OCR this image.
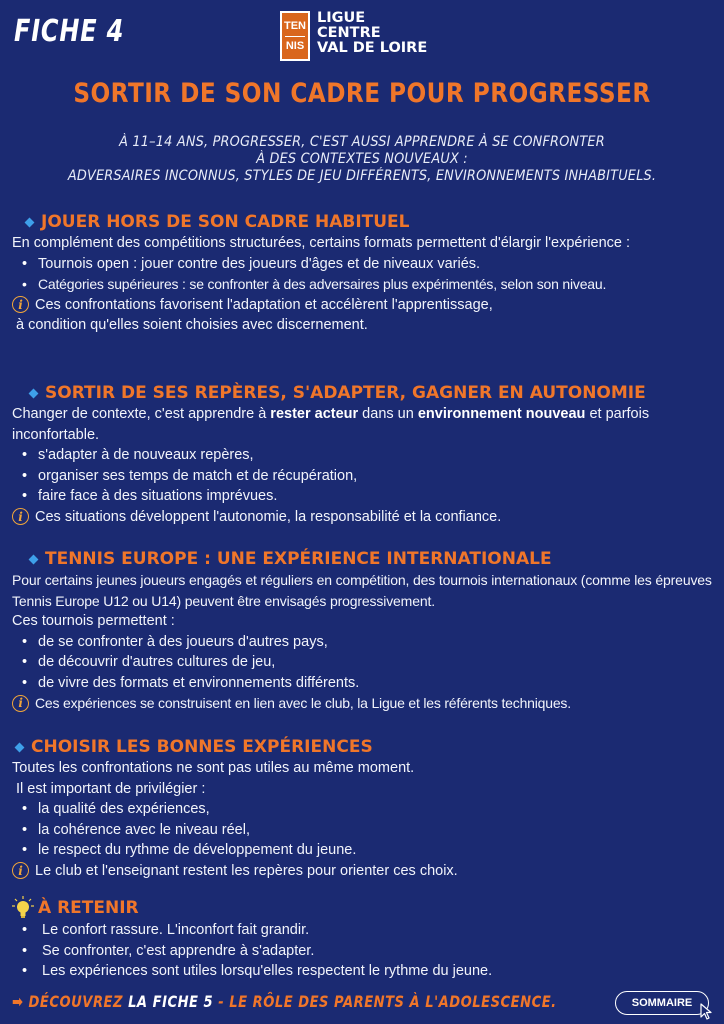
FICHE 4	TEN
NIS
LIGUE
CENTRE
VAL DE LOIRE
SORTIR DE SON CADRE POUR PROGRESSER
À 11–14 ANS, PROGRESSER, C'EST AUSSI APPRENDRE À SE CONFRONTER
À DES CONTEXTES NOUVEAUX :
ADVERSAIRES INCONNUS, STYLES DE JEU DIFFÉRENTS, ENVIRONNEMENTS INHABITUELS.
JOUER HORS DE SON CADRE HABITUEL
En complément des compétitions structurées, certains formats permettent d'élargir l'expérience :
• Tournois open : jouer contre des joueurs d'âges et de niveaux variés.
• Catégories supérieures : se confronter à des adversaires plus expérimentés, selon son niveau.
i Ces confrontations favorisent l'adaptation et accélèrent l'apprentissage,
à condition qu'elles soient choisies avec discernement.
SORTIR DE SES REPÈRES, S'ADAPTER, GAGNER EN AUTONOMIE
Changer de contexte, c'est apprendre à rester acteur dans un environnement nouveau et parfois inconfortable.
• s'adapter à de nouveaux repères,
• organiser ses temps de match et de récupération,
• faire face à des situations imprévues.
i Ces situations développent l'autonomie, la responsabilité et la confiance.
TENNIS EUROPE : UNE EXPÉRIENCE INTERNATIONALE
Pour certains jeunes joueurs engagés et réguliers en compétition, des tournois internationaux (comme les épreuves Tennis Europe U12 ou U14) peuvent être envisagés progressivement.
Ces tournois permettent :
• de se confronter à des joueurs d'autres pays,
• de découvrir d'autres cultures de jeu,
• de vivre des formats et environnements différents.
i Ces expériences se construisent en lien avec le club, la Ligue et les référents techniques.
CHOISIR LES BONNES EXPÉRIENCES
Toutes les confrontations ne sont pas utiles au même moment.
Il est important de privilégier :
• la qualité des expériences,
• la cohérence avec le niveau réel,
• le respect du rythme de développement du jeune.
i Le club et l'enseignant restent les repères pour orienter ces choix.
À RETENIR
• Le confort rassure. L'inconfort fait grandir.
• Se confronter, c'est apprendre à s'adapter.
• Les expériences sont utiles lorsqu'elles respectent le rythme du jeune.
➡ DÉCOUVREZ LA FICHE 5 - LE RÔLE DES PARENTS À L'ADOLESCENCE.	SOMMAIRE
